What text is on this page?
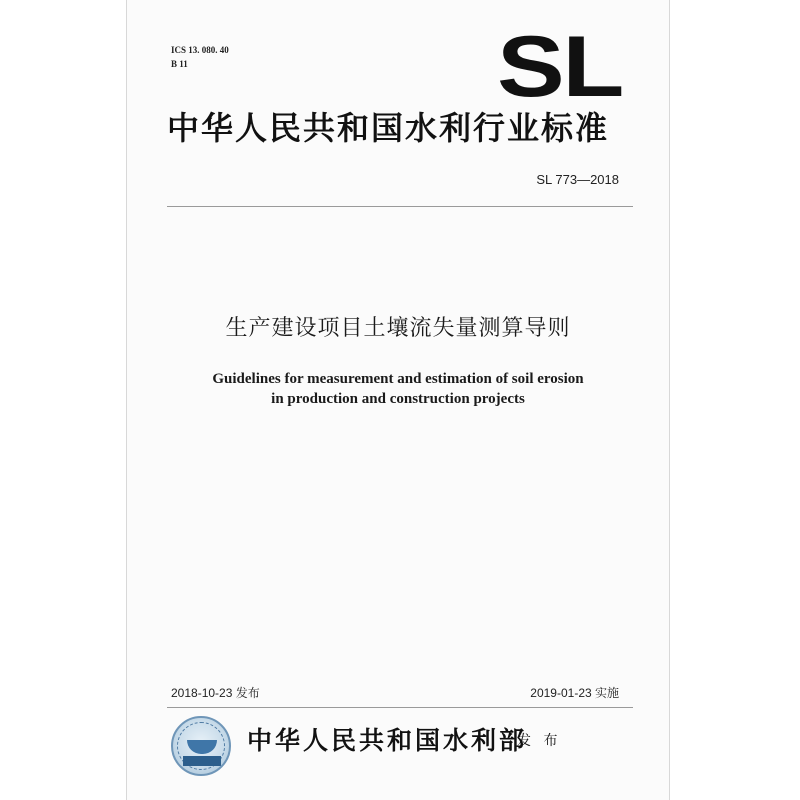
ICS 13. 080. 40
B 11	SL
中华人民共和国水利行业标准
SL 773—2018
生产建设项目土壤流失量测算导则
Guidelines for measurement and estimation of soil erosion
in production and construction projects
2018-10-23 发布	2019-01-23 实施
中华人民共和国水利部
发 布
